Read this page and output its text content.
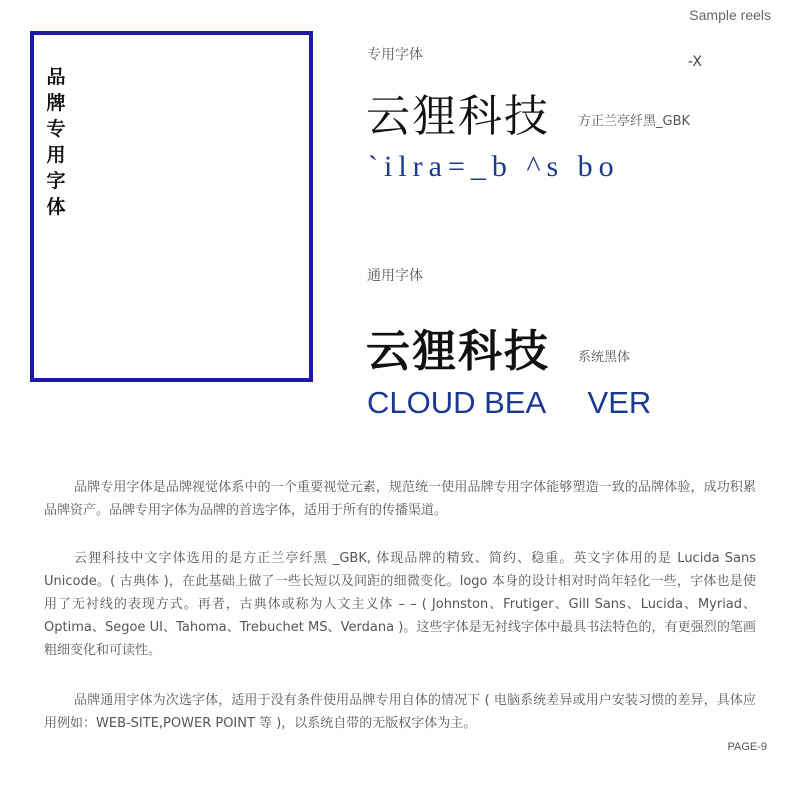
Sample reels
品牌专用字体
专用字体	-X
云狸科技 方正兰亭纤黑_GBK
`ilra=_b ^s bo
通用字体
云狸科技 系统黑体
CLOUD BEA     VER
品牌专用字体是品牌视觉体系中的一个重要视觉元素，规范统一使用品牌专用字体能够塑造一致的品牌体验，成功积累品牌资产。品牌专用字体为品牌的首选字体，适用于所有的传播渠道。
云狸科技中文字体选用的是方正兰亭纤黑 _GBK, 体现品牌的精致、简约、稳重。英文字体用的是 Lucida Sans Unicode。( 古典体 )，在此基础上做了一些长短以及间距的细微变化。logo 本身的设计相对时尚年轻化一些，字体也是使用了无衬线的表现方式。再者，古典体或称为人文主义体 – – ( Johnston、Frutiger、Gill Sans、Lucida、Myriad、Optima、Segoe UI、Tahoma、Trebuchet MS、Verdana )。这些字体是无衬线字体中最具书法特色的，有更强烈的笔画粗细变化和可读性。
品牌通用字体为次选字体，适用于没有条件使用品牌专用自体的情况下 ( 电脑系统差异或用户安装习惯的差异，具体应用例如：WEB-SITE,POWER POINT 等 )，以系统自带的无版权字体为主。
PAGE-9
